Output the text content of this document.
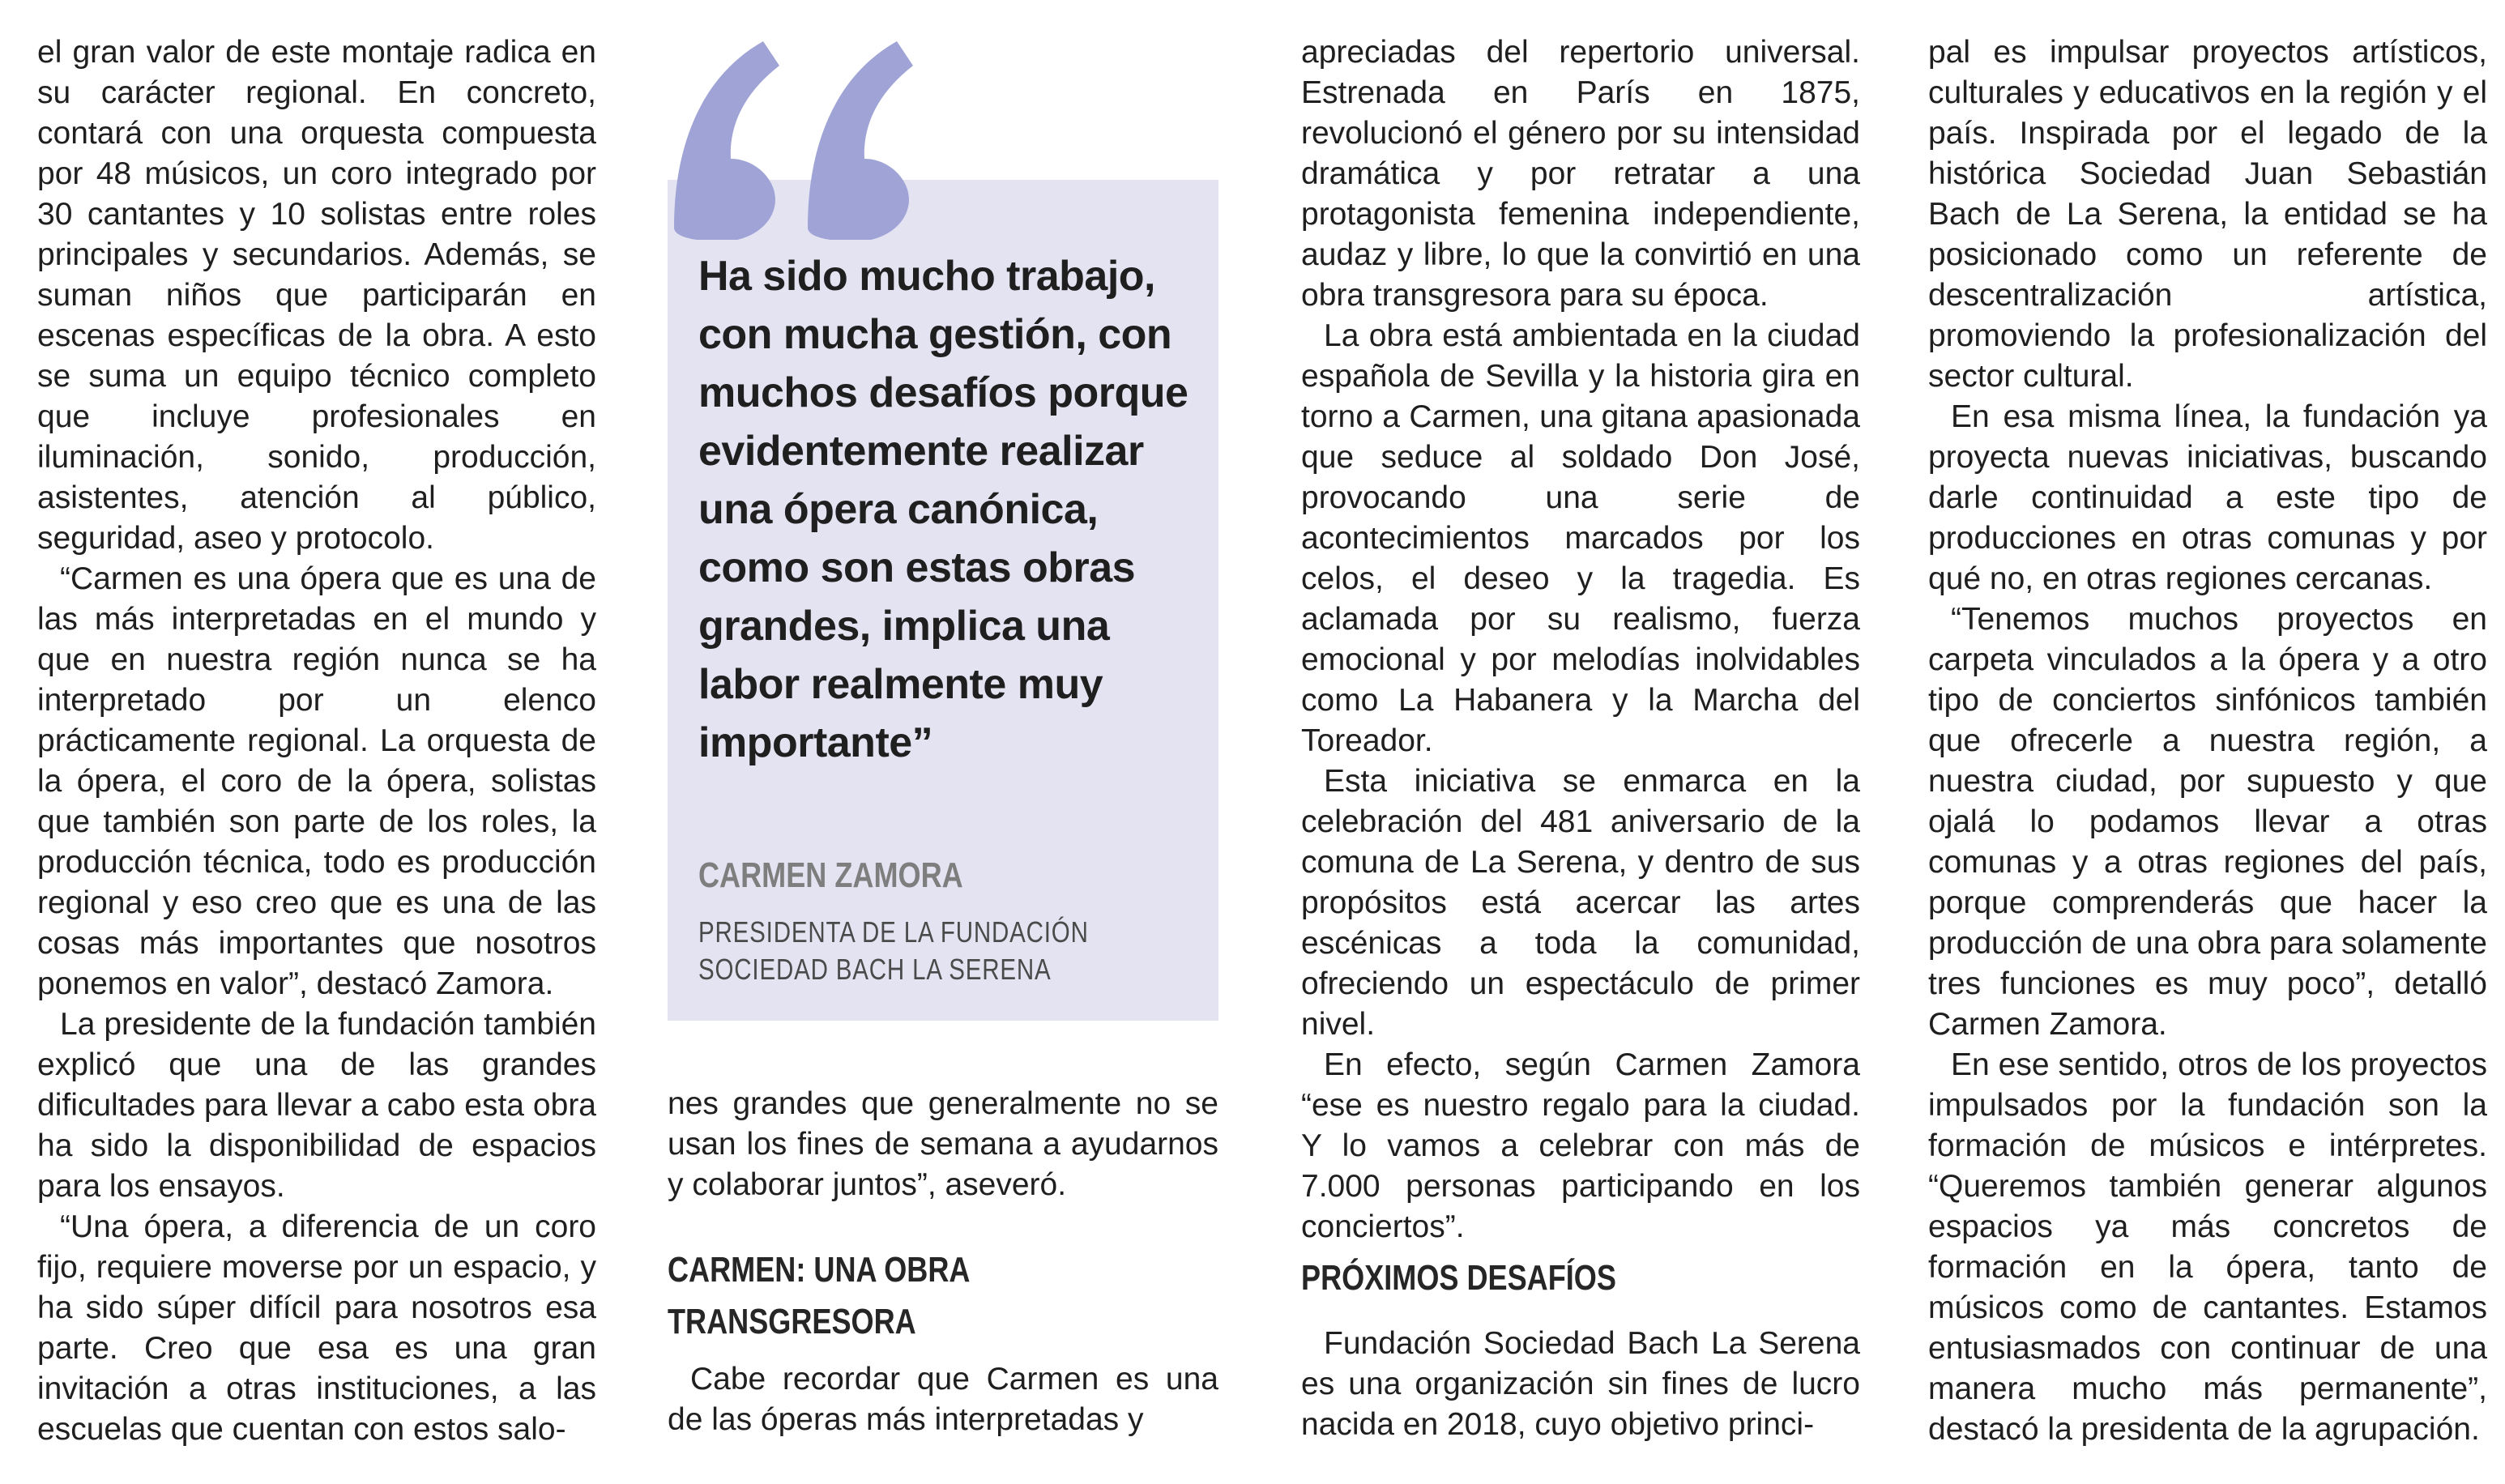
el gran valor de este montaje radica en su carácter regional. En concreto, contará con una orquesta compuesta por 48 músicos, un coro integrado por 30 cantantes y 10 solistas entre roles principales y secundarios. Además, se suman niños que participarán en escenas específicas de la obra. A esto se suma un equipo técnico completo que incluye profesionales en iluminación, sonido, producción, asistentes, atención al público, seguridad, aseo y protocolo.

“Carmen es una ópera que es una de las más interpretadas en el mundo y que en nuestra región nunca se ha interpretado por un elenco prácticamente regional. La orquesta de la ópera, el coro de la ópera, solistas que también son parte de los roles, la producción técnica, todo es producción regional y eso creo que es una de las cosas más importantes que nosotros ponemos en valor”, destacó Zamora.

La presidente de la fundación también explicó que una de las grandes dificultades para llevar a cabo esta obra ha sido la disponibilidad de espacios para los ensayos.

“Una ópera, a diferencia de un coro fijo, requiere moverse por un espacio, y ha sido súper difícil para nosotros esa parte. Creo que esa es una gran invitación a otras instituciones, a las escuelas que cuentan con estos salo-

Ha sido mucho trabajo, con mucha gestión, con muchos desafíos porque evidentemente realizar una ópera canónica, como son estas obras grandes, implica una labor realmente muy importante”

CARMEN ZAMORA

PRESIDENTA DE LA FUNDACIÓN SOCIEDAD BACH LA SERENA

nes grandes que generalmente no se usan los fines de semana a ayudarnos y colaborar juntos”, aseveró.

CARMEN: UNA OBRA TRANSGRESORA

Cabe recordar que Carmen es una de las óperas más interpretadas y

apreciadas del repertorio universal. Estrenada en París en 1875, revolucionó el género por su intensidad dramática y por retratar a una protagonista femenina independiente, audaz y libre, lo que la convirtió en una obra transgresora para su época.

La obra está ambientada en la ciudad española de Sevilla y la historia gira en torno a Carmen, una gitana apasionada que seduce al soldado Don José, provocando una serie de acontecimientos marcados por los celos, el deseo y la tragedia. Es aclamada por su realismo, fuerza emocional y por melodías inolvidables como La Habanera y la Marcha del Toreador.

Esta iniciativa se enmarca en la celebración del 481 aniversario de la comuna de La Serena, y dentro de sus propósitos está acercar las artes escénicas a toda la comunidad, ofreciendo un espectáculo de primer nivel.

En efecto, según Carmen Zamora “ese es nuestro regalo para la ciudad. Y lo vamos a celebrar con más de 7.000 personas participando en los conciertos”.

PRÓXIMOS DESAFÍOS

Fundación Sociedad Bach La Serena es una organización sin fines de lucro nacida en 2018, cuyo objetivo princi-

pal es impulsar proyectos artísticos, culturales y educativos en la región y el país. Inspirada por el legado de la histórica Sociedad Juan Sebastián Bach de La Serena, la entidad se ha posicionado como un referente de descentralización artística, promoviendo la profesionalización del sector cultural.

En esa misma línea, la fundación ya proyecta nuevas iniciativas, buscando darle continuidad a este tipo de producciones en otras comunas y por qué no, en otras regiones cercanas.

“Tenemos muchos proyectos en carpeta vinculados a la ópera y a otro tipo de conciertos sinfónicos también que ofrecerle a nuestra región, a nuestra ciudad, por supuesto y que ojalá lo podamos llevar a otras comunas y a otras regiones del país, porque comprenderás que hacer la producción de una obra para solamente tres funciones es muy poco”, detalló Carmen Zamora.

En ese sentido, otros de los proyectos impulsados por la fundación son la formación de músicos e intérpretes. “Queremos también generar algunos espacios ya más concretos de formación en la ópera, tanto de músicos como de cantantes. Estamos entusiasmados con continuar de una manera mucho más permanente”, destacó la presidenta de la agrupación.
